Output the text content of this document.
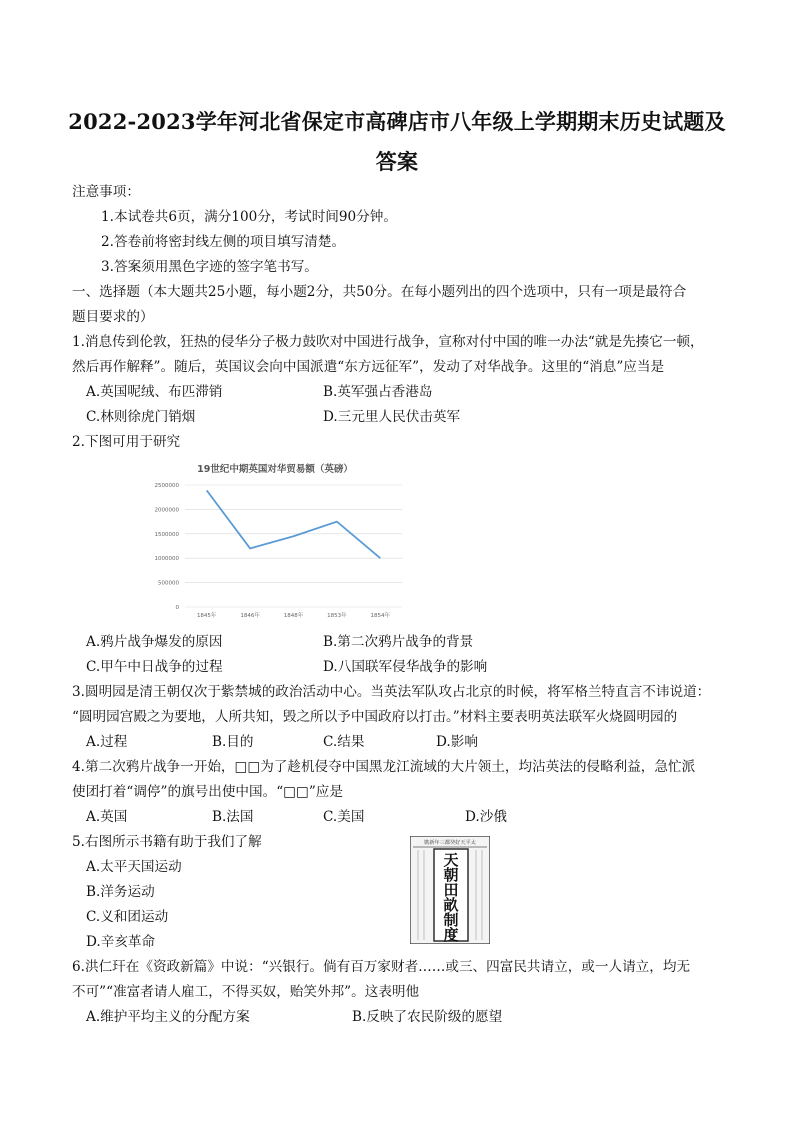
2022-2023学年河北省保定市高碑店市八年级上学期期末历史试题及
答案
注意事项：
1.本试卷共6页，满分100分，考试时间90分钟。
2.答卷前将密封线左侧的项目填写清楚。
3.答案须用黑色字迹的签字笔书写。
一、选择题（本大题共25小题，每小题2分，共50分。在每小题列出的四个选项中，只有一项是最符合
题目要求的）
1.消息传到伦敦，狂热的侵华分子极力鼓吹对中国进行战争，宣称对付中国的唯一办法“就是先揍它一顿，
然后再作解释”。随后，英国议会向中国派遣“东方远征军”，发动了对华战争。这里的“消息”应当是
A.英国呢绒、布匹滞销	B.英军强占香港岛
C.林则徐虎门销烟	D.三元里人民伏击英军
2.下图可用于研究
19世纪中期英国对华贸易额（英磅）
0
500000
1000000
1500000
2000000
2500000
1845年	1846年	1848年	1853年	1854年
A.鸦片战争爆发的原因	B.第二次鸦片战争的背景
C.甲午中日战争的过程	D.八国联军侵华战争的影响
3.圆明园是清王朝仅次于紫禁城的政治活动中心。当英法军队攻占北京的时候，将军格兰特直言不讳说道：
“圆明园宫殿之为要地，人所共知，毁之所以予中国政府以打击。”材料主要表明英法联军火烧圆明园的
A.过程	B.目的	C.结果	D.影响
4.第二次鸦片战争一开始，□□为了趁机侵夺中国黑龙江流域的大片领土，均沾英法的侵略利益，急忙派
使团打着“调停”的旗号出使中国。“□□”应是
A.英国	B.法国	C.美国	D.沙俄
5.右图所示书籍有助于我们了解
A.太平天国运动
B.洋务运动
C.义和团运动
D.辛亥革命
镌新年三都癸好天平太
天
朝
田
畝
制
度
6.洪仁玕在《资政新篇》中说：“兴银行。倘有百万家财者……或三、四富民共请立，或一人请立，均无
不可”“准富者请人雇工，不得买奴，贻笑外邦”。这表明他
A.维护平均主义的分配方案	B.反映了农民阶级的愿望
